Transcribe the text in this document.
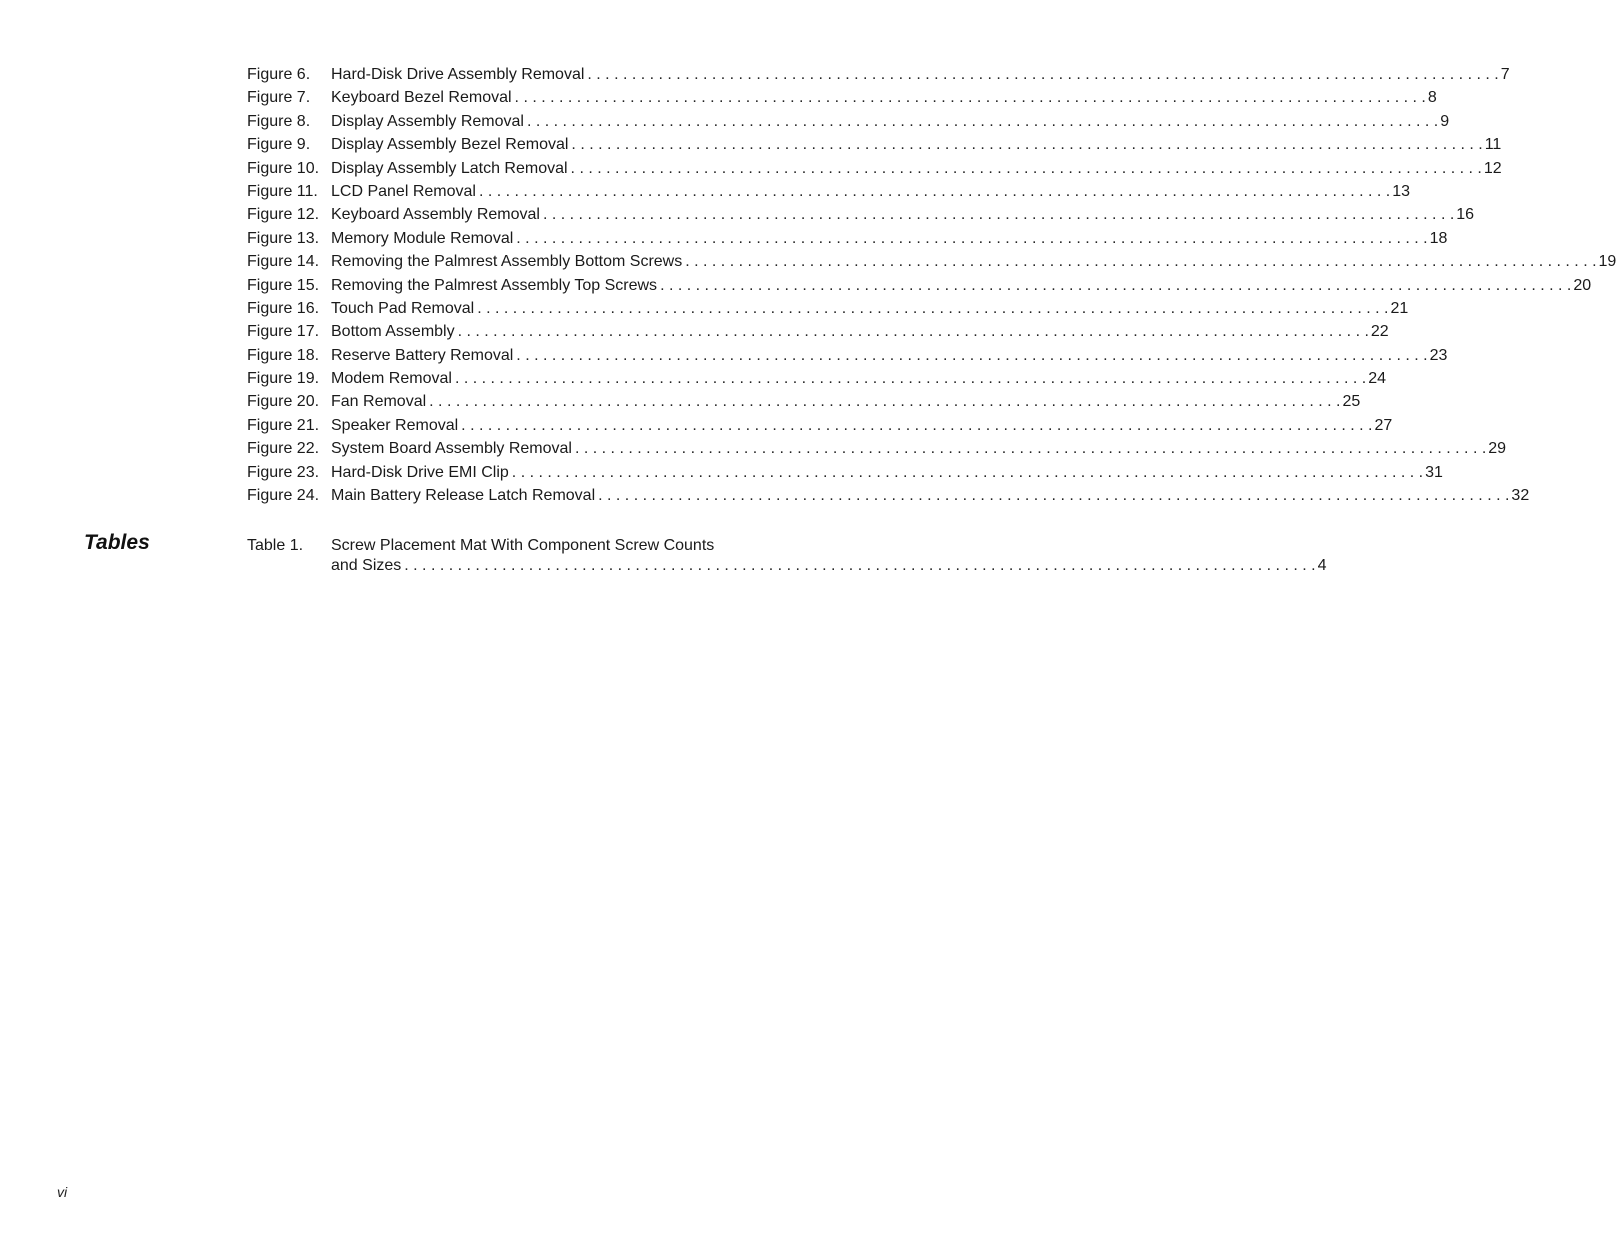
Figure 6.	Hard-Disk Drive Assembly Removal . . .	7
Figure 7.	Keyboard Bezel Removal . . .	8
Figure 8.	Display Assembly Removal . . .	9
Figure 9.	Display Assembly Bezel Removal . . .	11
Figure 10. Display Assembly Latch Removal . . .	12
Figure 11. LCD Panel Removal . . .	13
Figure 12. Keyboard Assembly Removal . . .	16
Figure 13. Memory Module Removal . . .	18
Figure 14. Removing the Palmrest Assembly Bottom Screws . . .	19
Figure 15. Removing the Palmrest Assembly Top Screws . . .	20
Figure 16. Touch Pad Removal . . .	21
Figure 17. Bottom Assembly . . .	22
Figure 18. Reserve Battery Removal . . .	23
Figure 19. Modem Removal . . .	24
Figure 20. Fan Removal . . .	25
Figure 21. Speaker Removal . . .	27
Figure 22. System Board Assembly Removal . . .	29
Figure 23. Hard-Disk Drive EMI Clip . . .	31
Figure 24. Main Battery Release Latch Removal . . .	32
Tables	Table 1.	Screw Placement Mat With Component Screw Counts
and Sizes . . .	4
vi
